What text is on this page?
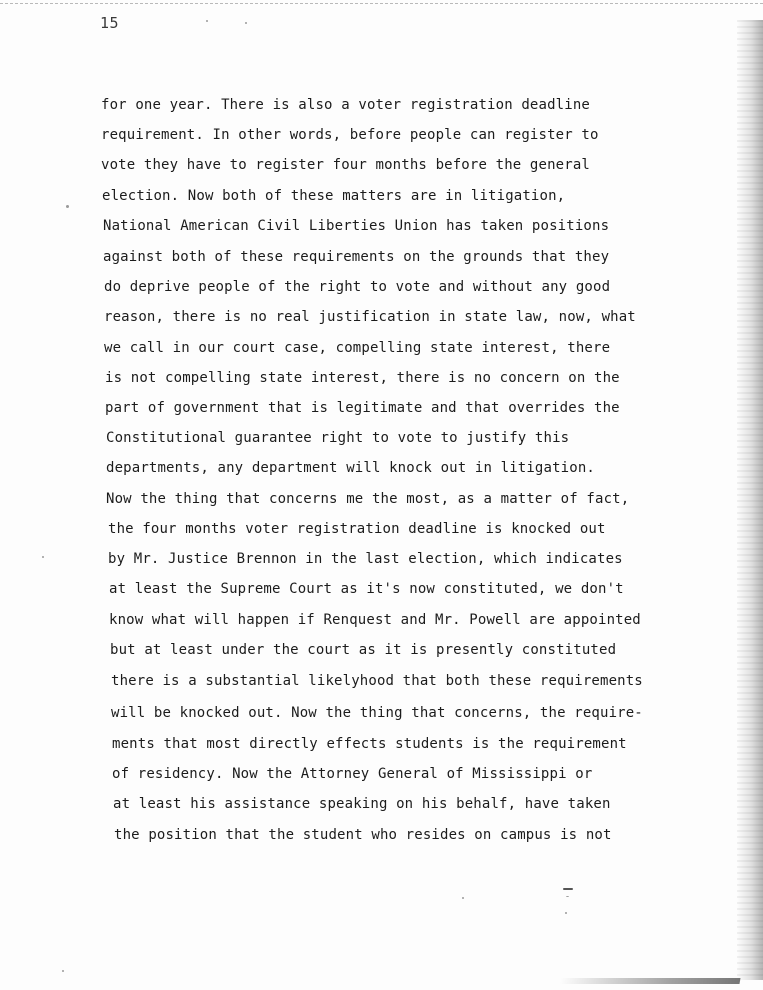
15
for one year. There is also a voter registration deadline
requirement. In other words, before people can register to
vote they have to register four months before the general
election. Now both of these matters are in litigation,
National American Civil Liberties Union has taken positions
against both of these requirements on the grounds that they
do deprive people of the right to vote and without any good
reason, there is no real justification in state law, now, what
we call in our court case, compelling state interest, there
is not compelling state interest, there is no concern on the
part of government that is legitimate and that overrides the
Constitutional guarantee right to vote to justify this
departments, any department will knock out in litigation.
Now the thing that concerns me the most, as a matter of fact,
the four months voter registration deadline is knocked out
by Mr. Justice Brennon in the last election, which indicates
at least the Supreme Court as it's now constituted, we don't
know what will happen if Renquest and Mr. Powell are appointed
but at least under the court as it is presently constituted
there is a substantial likelyhood that both these requirements
will be knocked out. Now the thing that concerns, the require-
ments that most directly effects students is the requirement
of residency. Now the Attorney General of Mississippi or
at least his assistance speaking on his behalf, have taken
the position that the student who resides on campus is not
